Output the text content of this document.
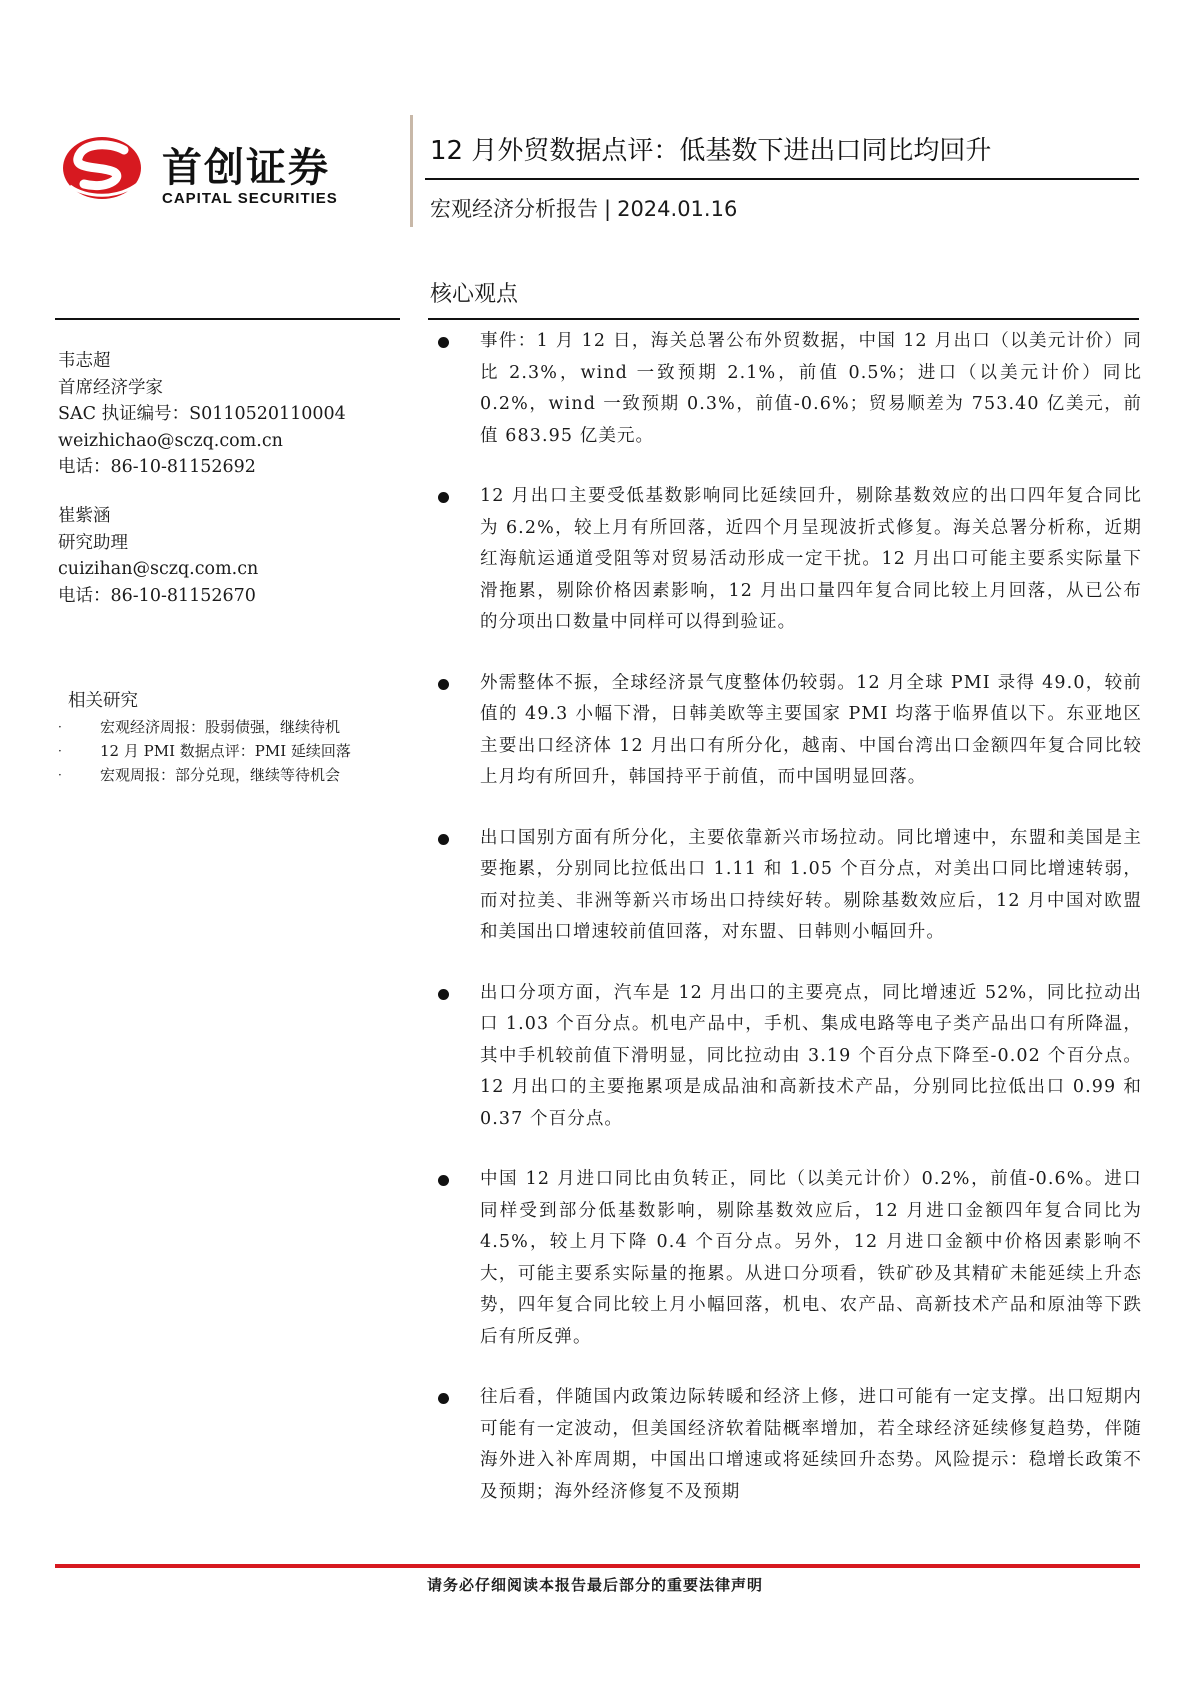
首创证券
CAPITAL SECURITIES
12 月外贸数据点评：低基数下进出口同比均回升
宏观经济分析报告 | 2024.01.16
核心观点
韦志超
首席经济学家
SAC 执证编号：S0110520110004
weizhichao@sczq.com.cn
电话：86-10-81152692
崔紫涵
研究助理
cuizihan@sczq.com.cn
电话：86-10-81152670
相关研究
·	宏观经济周报：股弱债强，继续待机
·	12 月 PMI 数据点评：PMI 延续回落
·	宏观周报：部分兑现，继续等待机会
事件：1 月 12 日，海关总署公布外贸数据，中国 12 月出口（以美元计价）同比 2.3%，wind 一致预期 2.1%，前值 0.5%；进口（以美元计价）同比 0.2%，wind 一致预期 0.3%，前值-0.6%；贸易顺差为 753.40 亿美元，前值 683.95 亿美元。
12 月出口主要受低基数影响同比延续回升，剔除基数效应的出口四年复合同比为 6.2%，较上月有所回落，近四个月呈现波折式修复。海关总署分析称，近期红海航运通道受阻等对贸易活动形成一定干扰。12 月出口可能主要系实际量下滑拖累，剔除价格因素影响，12 月出口量四年复合同比较上月回落，从已公布的分项出口数量中同样可以得到验证。
外需整体不振，全球经济景气度整体仍较弱。12 月全球 PMI 录得 49.0，较前值的 49.3 小幅下滑，日韩美欧等主要国家 PMI 均落于临界值以下。东亚地区主要出口经济体 12 月出口有所分化，越南、中国台湾出口金额四年复合同比较上月均有所回升，韩国持平于前值，而中国明显回落。
出口国别方面有所分化，主要依靠新兴市场拉动。同比增速中，东盟和美国是主要拖累，分别同比拉低出口 1.11 和 1.05 个百分点，对美出口同比增速转弱，而对拉美、非洲等新兴市场出口持续好转。剔除基数效应后，12 月中国对欧盟和美国出口增速较前值回落，对东盟、日韩则小幅回升。
出口分项方面，汽车是 12 月出口的主要亮点，同比增速近 52%，同比拉动出口 1.03 个百分点。机电产品中，手机、集成电路等电子类产品出口有所降温，其中手机较前值下滑明显，同比拉动由 3.19 个百分点下降至-0.02 个百分点。12 月出口的主要拖累项是成品油和高新技术产品，分别同比拉低出口 0.99 和 0.37 个百分点。
中国 12 月进口同比由负转正，同比（以美元计价）0.2%，前值-0.6%。进口同样受到部分低基数影响，剔除基数效应后，12 月进口金额四年复合同比为 4.5%，较上月下降 0.4 个百分点。另外，12 月进口金额中价格因素影响不大，可能主要系实际量的拖累。从进口分项看，铁矿砂及其精矿未能延续上升态势，四年复合同比较上月小幅回落，机电、农产品、高新技术产品和原油等下跌后有所反弹。
往后看，伴随国内政策边际转暖和经济上修，进口可能有一定支撑。出口短期内可能有一定波动，但美国经济软着陆概率增加，若全球经济延续修复趋势，伴随海外进入补库周期，中国出口增速或将延续回升态势。风险提示：稳增长政策不及预期；海外经济修复不及预期
请务必仔细阅读本报告最后部分的重要法律声明
